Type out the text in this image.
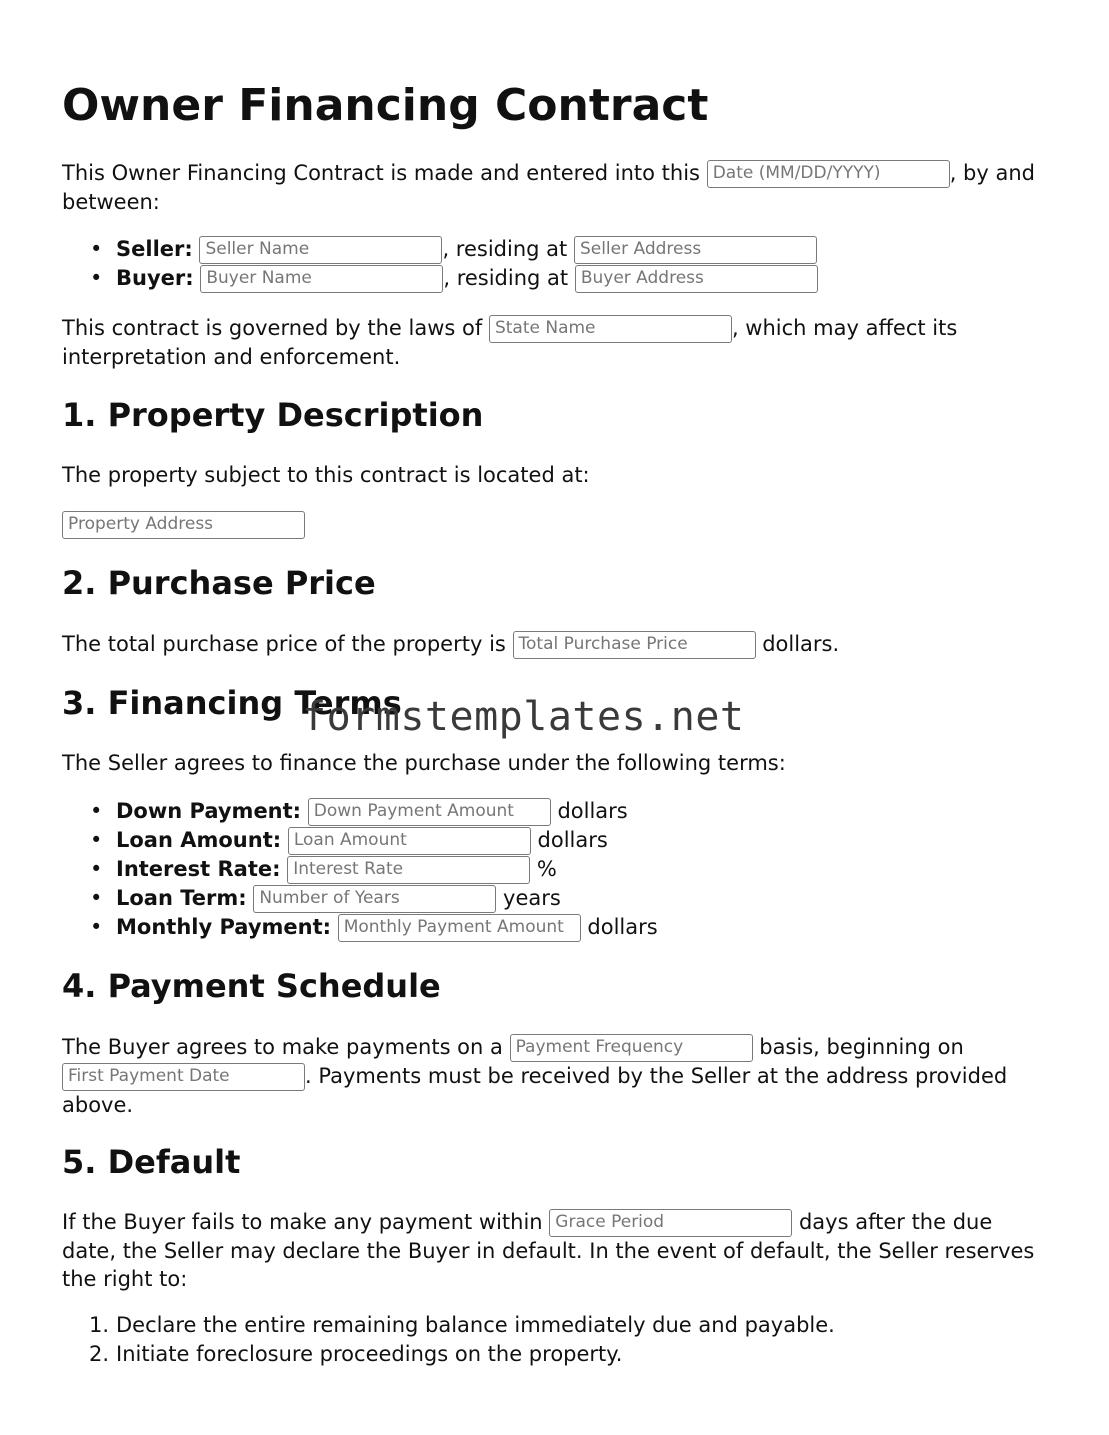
Owner Financing Contract

This Owner Financing Contract is made and entered into this Date (MM/DD/YYYY)	, by and between:

• Seller: Seller Name	, residing at Seller Address
• Buyer: Buyer Name	, residing at Buyer Address

This contract is governed by the laws of State Name	, which may affect its interpretation and enforcement.

1. Property Description

The property subject to this contract is located at:

Property Address

2. Purchase Price

The total purchase price of the property is Total Purchase Price	dollars.

3. Financing Terms

The Seller agrees to finance the purchase under the following terms:

• Down Payment: Down Payment Amount dollars
• Loan Amount: Loan Amount	dollars
• Interest Rate: Interest Rate	%
• Loan Term: Number of Years	years
• Monthly Payment: Monthly Payment Amount dollars
4. Payment Schedule

The Buyer agrees to make payments on a Payment Frequency	basis, beginning on First Payment Date	. Payments must be received by the Seller at the address provided above.

5. Default

If the Buyer fails to make any payment within Grace Period	days after the due date, the Seller may declare the Buyer in default. In the event of default, the Seller reserves the right to:

1. Declare the entire remaining balance immediately due and payable.
2. Initiate foreclosure proceedings on the property.
formstemplates.net
